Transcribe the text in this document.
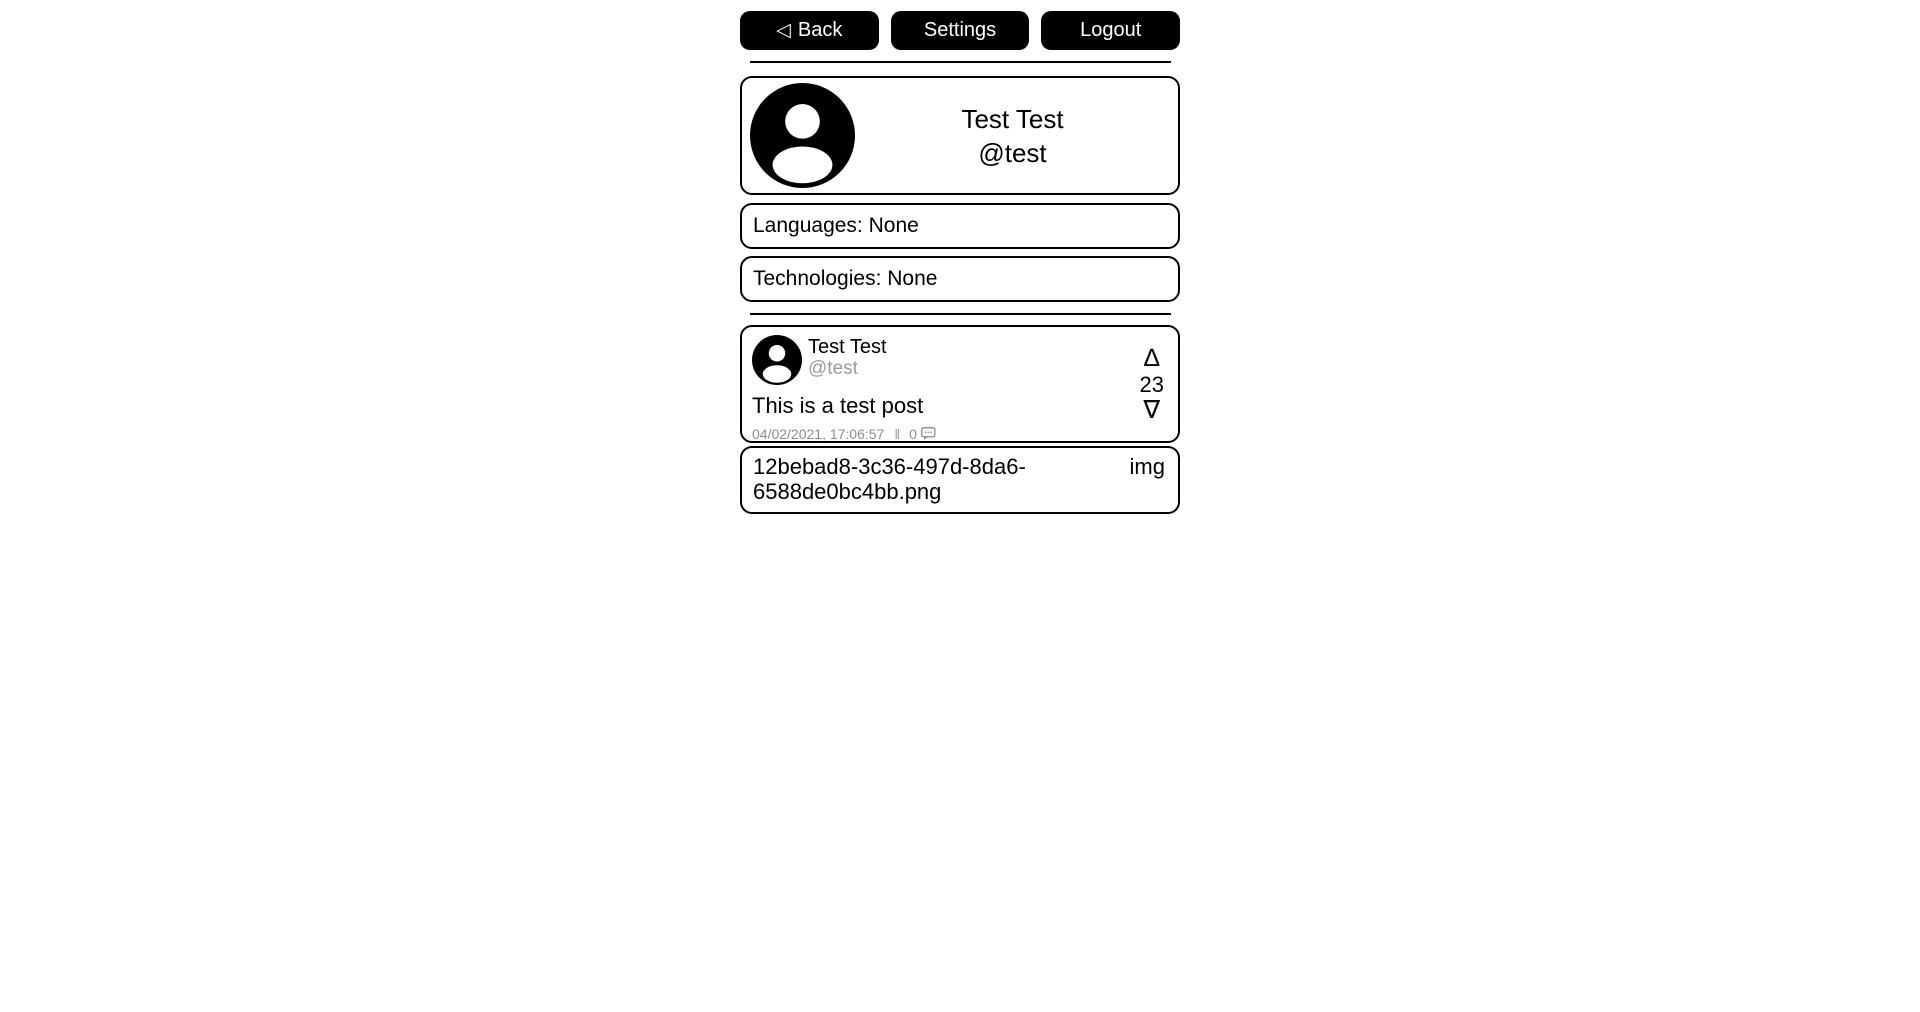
◁ Back	Settings	Logout
Test Test
@test
Languages: None
Technologies: None
Test Test
@test
This is a test post
04/02/2021, 17:06:57 ‖ 0
∆
23
∇
12bebad8-3c36-497d-8da6-6588de0bc4bb.png
img
